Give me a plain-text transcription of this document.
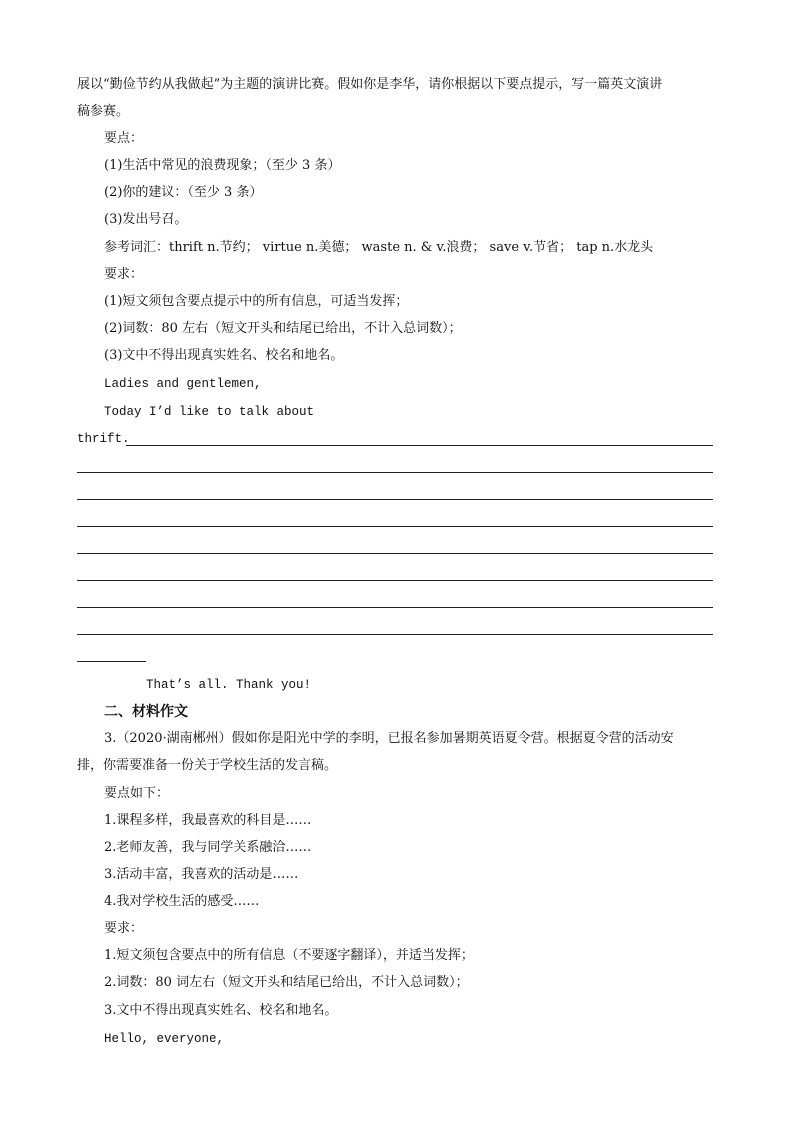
展以“勤俭节约从我做起”为主题的演讲比赛。假如你是李华，请你根据以下要点提示，写一篇英文演讲
稿参赛。
要点：
(1)生活中常见的浪费现象；（至少 3 条）
(2)你的建议：（至少 3 条）
(3)发出号召。
参考词汇：thrift n.节约； virtue n.美德； waste n. & v.浪费； save v.节省； tap n.水龙头
要求：
(1)短文须包含要点提示中的所有信息，可适当发挥；
(2)词数：80 左右（短文开头和结尾已给出，不计入总词数）；
(3)文中不得出现真实姓名、校名和地名。
Ladies and gentlemen,
Today I’d like to talk about
thrift.
That’s all. Thank you!
二、材料作文
3.（2020·湖南郴州）假如你是阳光中学的李明，已报名参加暑期英语夏令营。根据夏令营的活动安
排，你需要准备一份关于学校生活的发言稿。
要点如下：
1.课程多样，我最喜欢的科目是……
2.老师友善，我与同学关系融洽……
3.活动丰富，我喜欢的活动是……
4.我对学校生活的感受……
要求：
1.短文须包含要点中的所有信息（不要逐字翻译），并适当发挥；
2.词数：80 词左右（短文开头和结尾已给出，不计入总词数）；
3.文中不得出现真实姓名、校名和地名。
Hello, everyone,
